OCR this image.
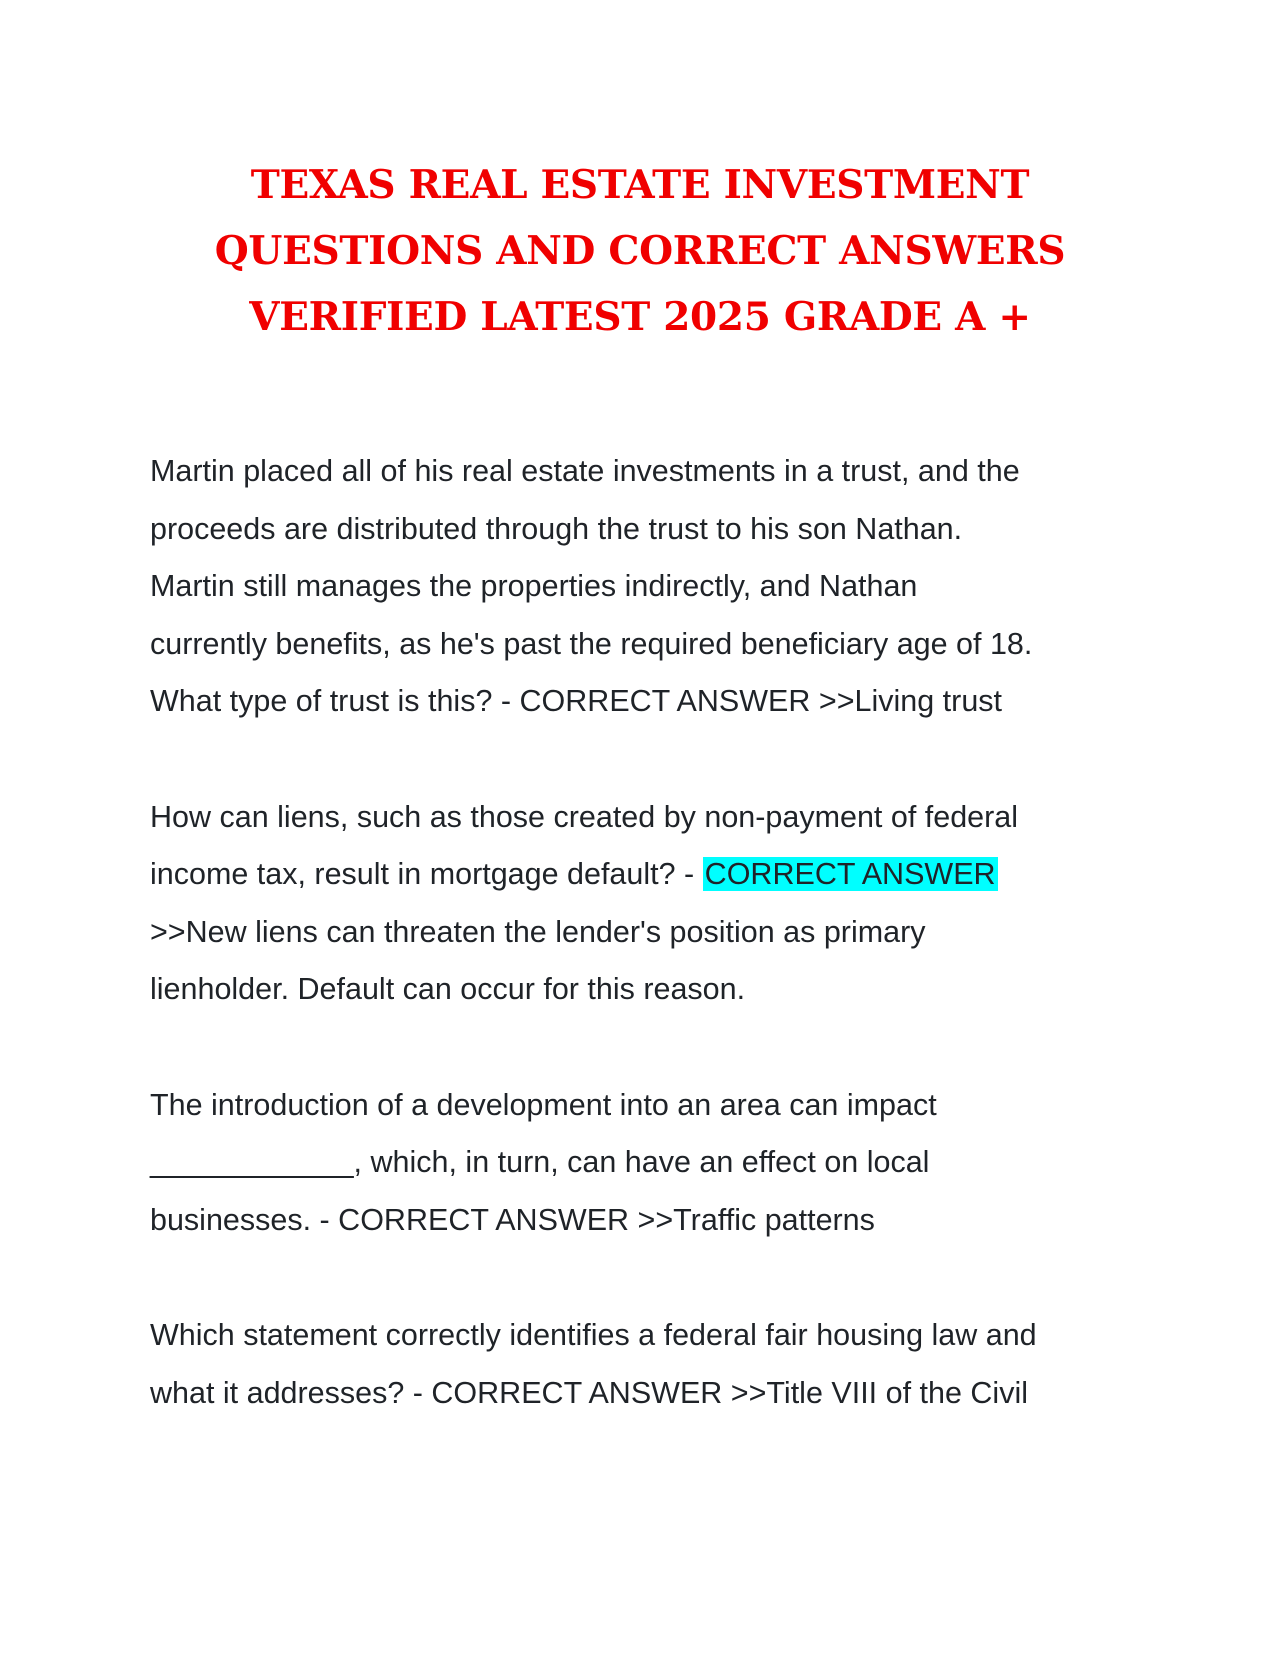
TEXAS REAL ESTATE INVESTMENT
QUESTIONS AND CORRECT ANSWERS
VERIFIED LATEST 2025 GRADE A +

Martin placed all of his real estate investments in a trust, and the
proceeds are distributed through the trust to his son Nathan.
Martin still manages the properties indirectly, and Nathan
currently benefits, as he's past the required beneficiary age of 18.
What type of trust is this? - CORRECT ANSWER >>Living trust

How can liens, such as those created by non-payment of federal
income tax, result in mortgage default? - CORRECT ANSWER
>>New liens can threaten the lender's position as primary
lienholder. Default can occur for this reason.

The introduction of a development into an area can impact
____________, which, in turn, can have an effect on local
businesses. - CORRECT ANSWER >>Traffic patterns

Which statement correctly identifies a federal fair housing law and
what it addresses? - CORRECT ANSWER >>Title VIII of the Civil
